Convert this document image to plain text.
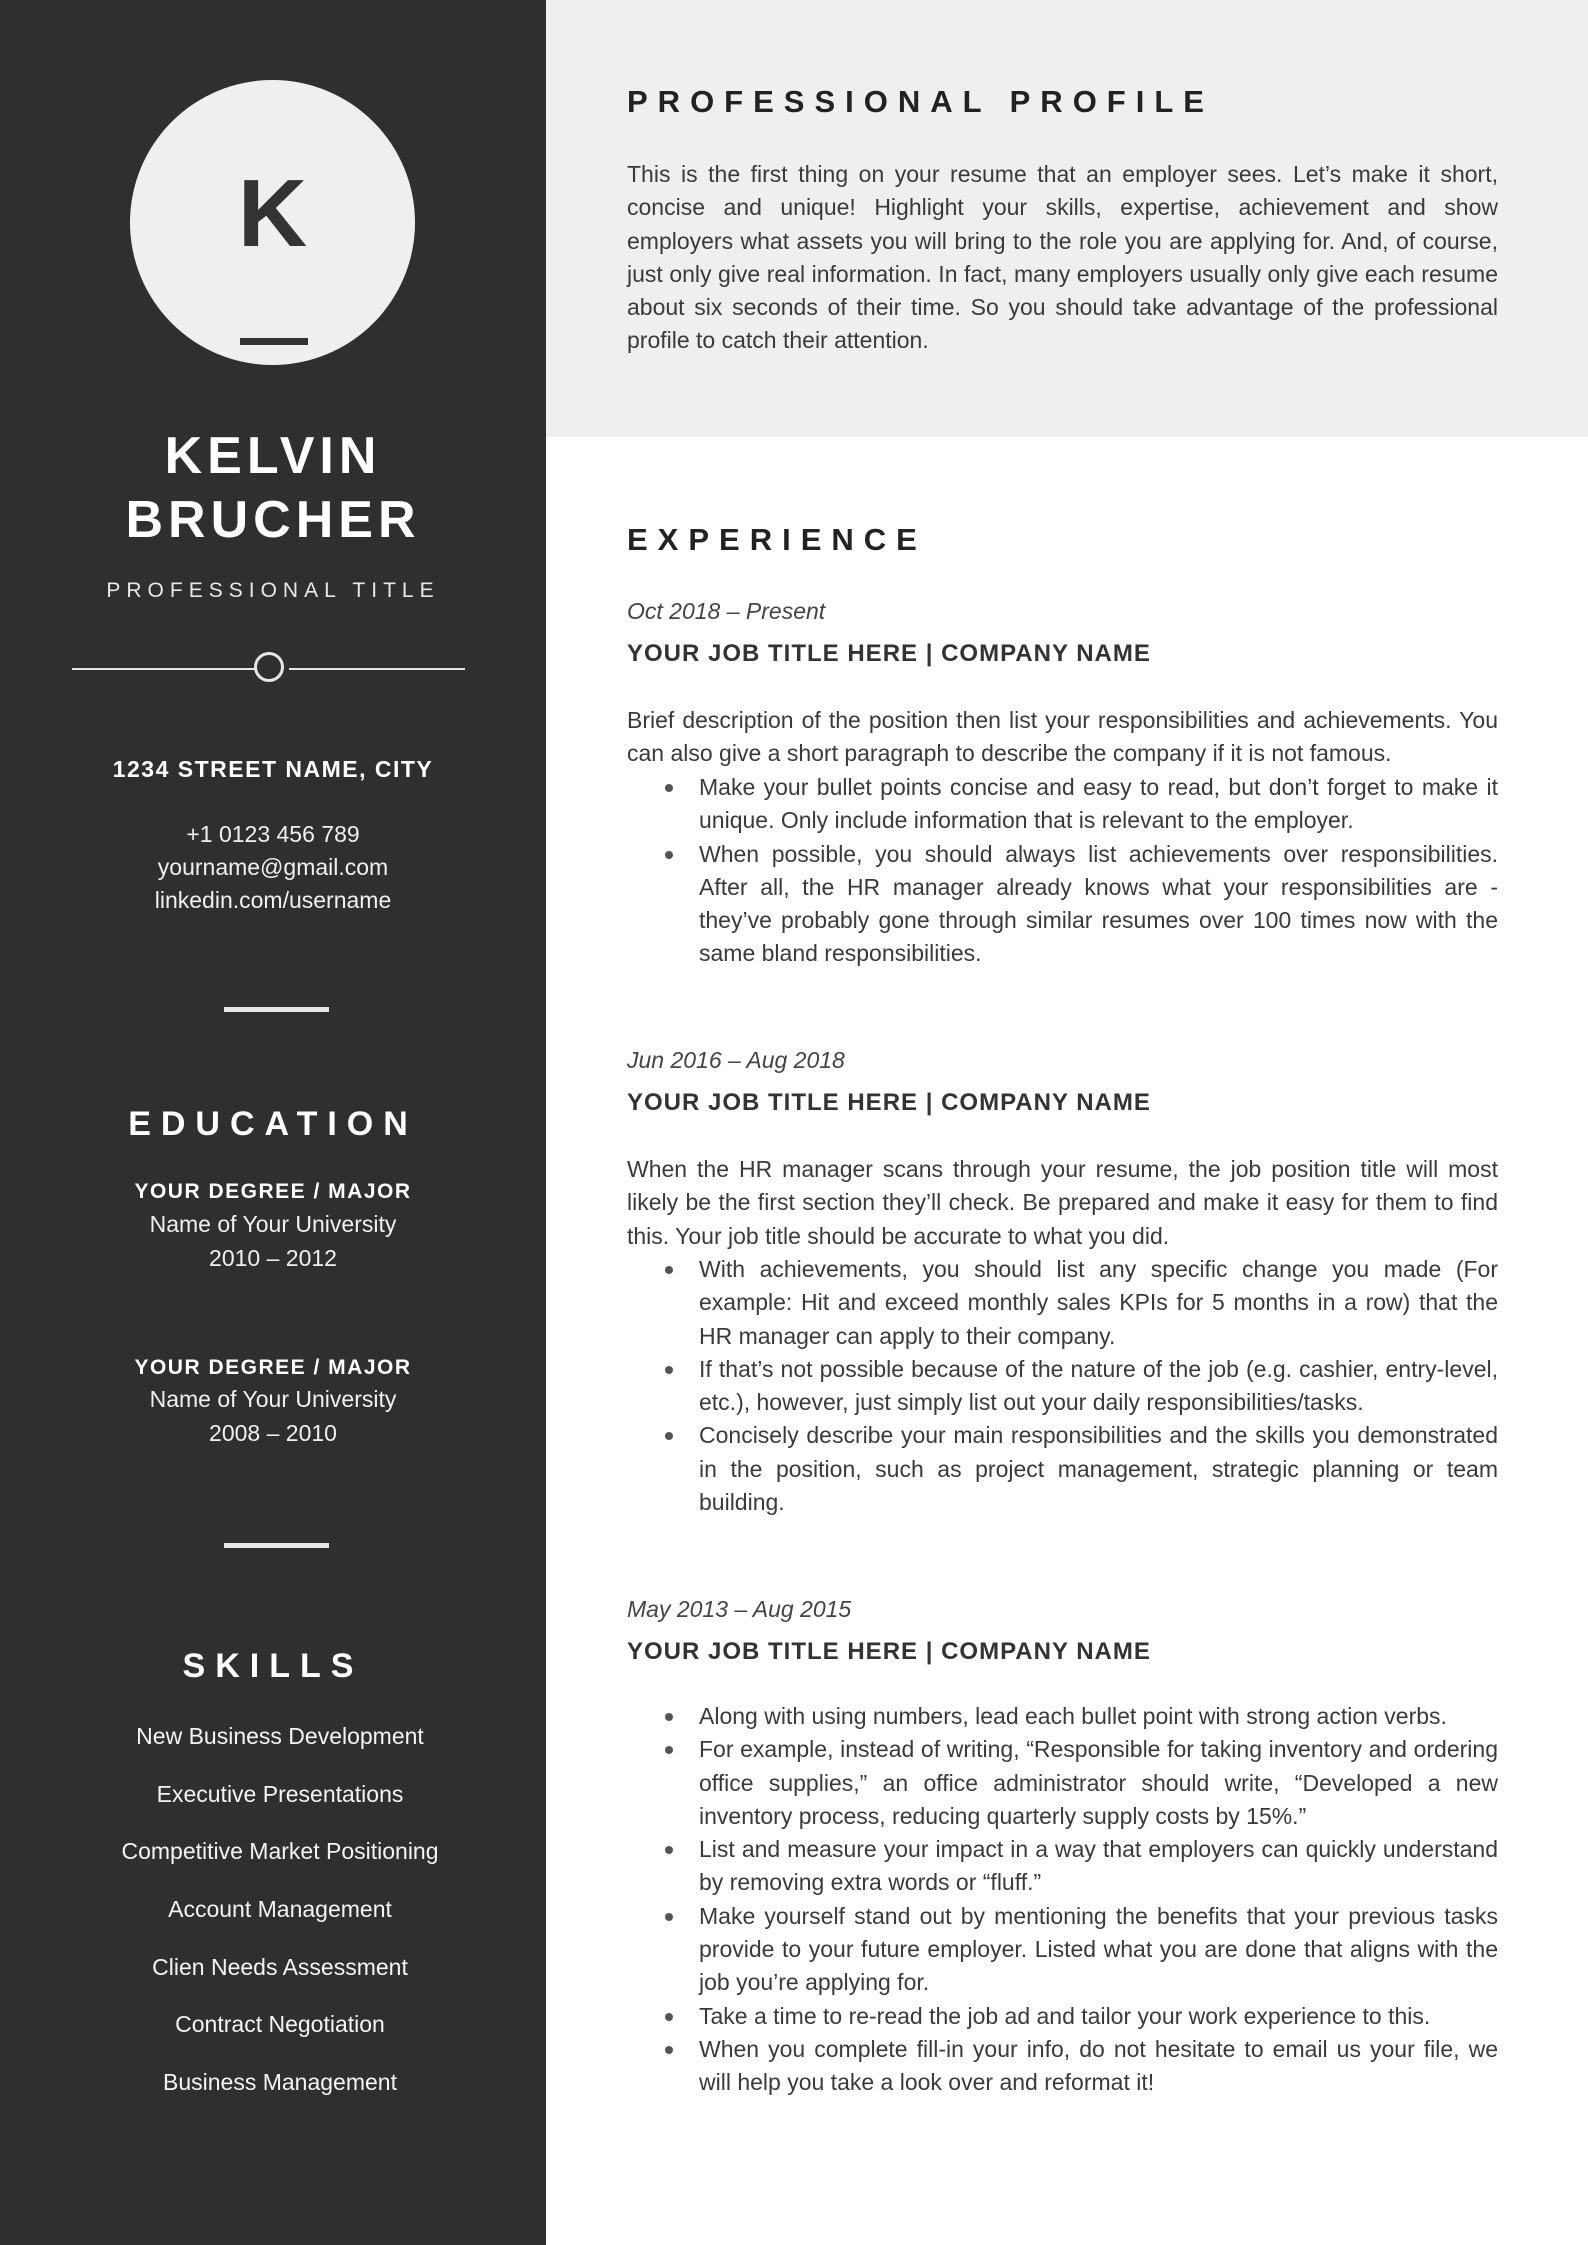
K
KELVIN
BRUCHER
PROFESSIONAL TITLE
1234 STREET NAME, CITY
+1 0123 456 789
yourname@gmail.com
linkedin.com/username
EDUCATION
YOUR DEGREE / MAJOR
Name of Your University
2010 – 2012
YOUR DEGREE / MAJOR
Name of Your University
2008 – 2010
SKILLS
New Business Development
Executive Presentations
Competitive Market Positioning
Account Management
Clien Needs Assessment
Contract Negotiation
Business Management
PROFESSIONAL PROFILE

This is the first thing on your resume that an employer sees. Let’s make it short, concise and unique! Highlight your skills, expertise, achievement and show employers what assets you will bring to the role you are applying for. And, of course, just only give real information. In fact, many employers usually only give each resume about six seconds of their time. So you should take advantage of the professional profile to catch their attention.

EXPERIENCE
Oct 2018 – Present
YOUR JOB TITLE HERE | COMPANY NAME

Brief description of the position then list your responsibilities and achievements. You can also give a short paragraph to describe the company if it is not famous.

Make your bullet points concise and easy to read, but don’t forget to make it unique. Only include information that is relevant to the employer.
When possible, you should always list achievements over responsibilities. After all, the HR manager already knows what your responsibilities are - they’ve probably gone through similar resumes over 100 times now with the same bland responsibilities.
Jun 2016 – Aug 2018
YOUR JOB TITLE HERE | COMPANY NAME

When the HR manager scans through your resume, the job position title will most likely be the first section they’ll check. Be prepared and make it easy for them to find this. Your job title should be accurate to what you did.

With achievements, you should list any specific change you made (For example: Hit and exceed monthly sales KPIs for 5 months in a row) that the HR manager can apply to their company.
If that’s not possible because of the nature of the job (e.g. cashier, entry-level, etc.), however, just simply list out your daily responsibilities/tasks.
Concisely describe your main responsibilities and the skills you demonstrated in the position, such as project management, strategic planning or team building.
May 2013 – Aug 2015
YOUR JOB TITLE HERE | COMPANY NAME
Along with using numbers, lead each bullet point with strong action verbs.
For example, instead of writing, “Responsible for taking inventory and ordering office supplies,” an office administrator should write, “Developed a new inventory process, reducing quarterly supply costs by 15%.”
List and measure your impact in a way that employers can quickly understand by removing extra words or “fluff.”
Make yourself stand out by mentioning the benefits that your previous tasks provide to your future employer. Listed what you are done that aligns with the job you’re applying for.
Take a time to re-read the job ad and tailor your work experience to this.
When you complete fill-in your info, do not hesitate to email us your file, we will help you take a look over and reformat it!
